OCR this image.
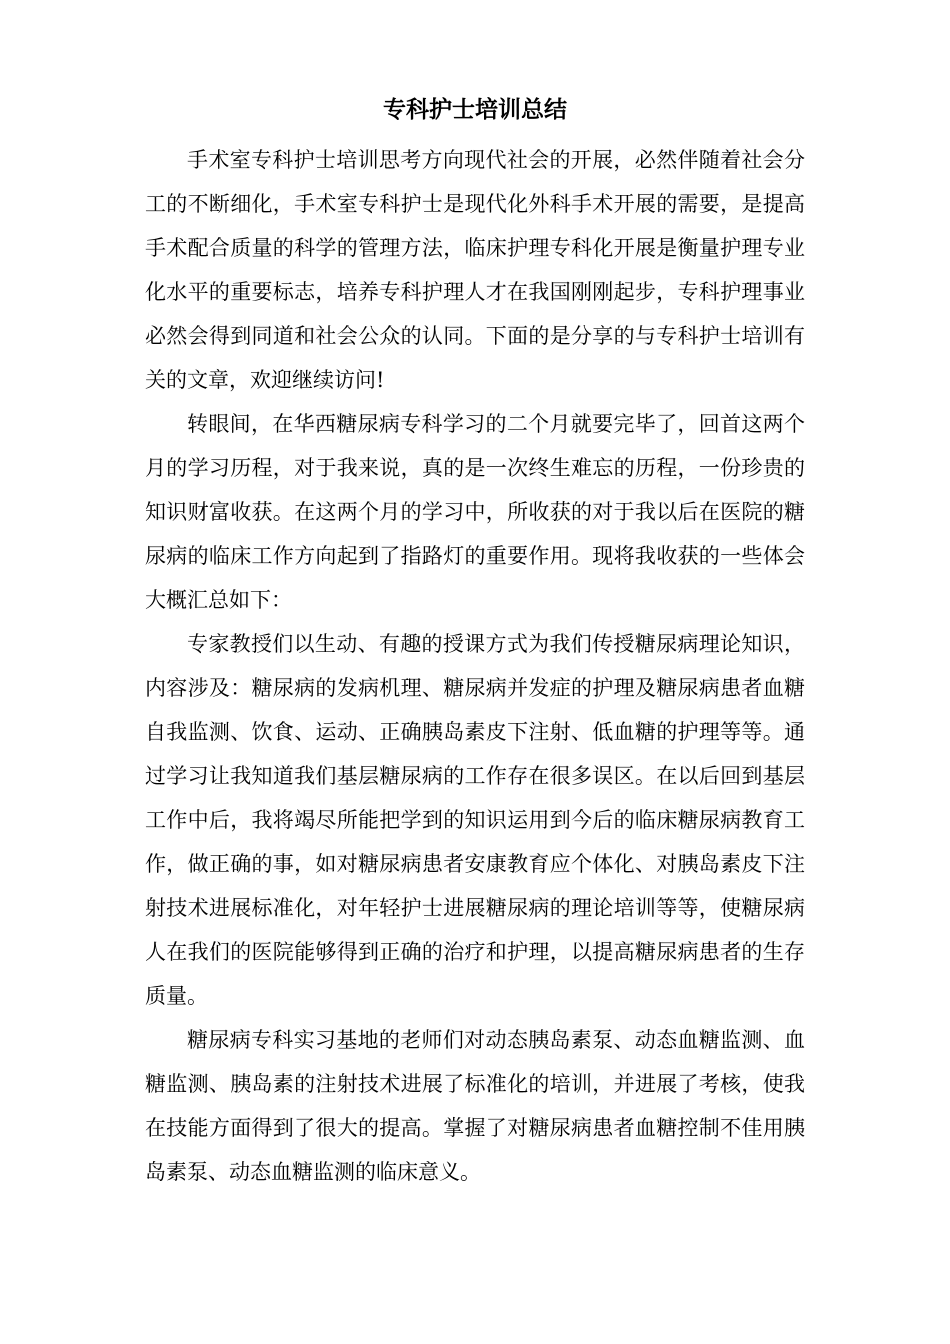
专科护士培训总结

手术室专科护士培训思考方向现代社会的开展，必然伴随着社会分工的不断细化，手术室专科护士是现代化外科手术开展的需要，是提高手术配合质量的科学的管理方法，临床护理专科化开展是衡量护理专业化水平的重要标志，培养专科护理人才在我国刚刚起步，专科护理事业必然会得到同道和社会公众的认同。下面的是分享的与专科护士培训有关的文章，欢迎继续访问!

转眼间，在华西糖尿病专科学习的二个月就要完毕了，回首这两个月的学习历程，对于我来说，真的是一次终生难忘的历程，一份珍贵的知识财富收获。在这两个月的学习中，所收获的对于我以后在医院的糖尿病的临床工作方向起到了指路灯的重要作用。现将我收获的一些体会大概汇总如下：

专家教授们以生动、有趣的授课方式为我们传授糖尿病理论知识，内容涉及：糖尿病的发病机理、糖尿病并发症的护理及糖尿病患者血糖自我监测、饮食、运动、正确胰岛素皮下注射、低血糖的护理等等。通过学习让我知道我们基层糖尿病的工作存在很多误区。在以后回到基层工作中后，我将竭尽所能把学到的知识运用到今后的临床糖尿病教育工作，做正确的事，如对糖尿病患者安康教育应个体化、对胰岛素皮下注射技术进展标准化，对年轻护士进展糖尿病的理论培训等等，使糖尿病人在我们的医院能够得到正确的治疗和护理，以提高糖尿病患者的生存质量。

糖尿病专科实习基地的老师们对动态胰岛素泵、动态血糖监测、血糖监测、胰岛素的注射技术进展了标准化的培训，并进展了考核，使我在技能方面得到了很大的提高。掌握了对糖尿病患者血糖控制不佳用胰岛素泵、动态血糖监测的临床意义。
